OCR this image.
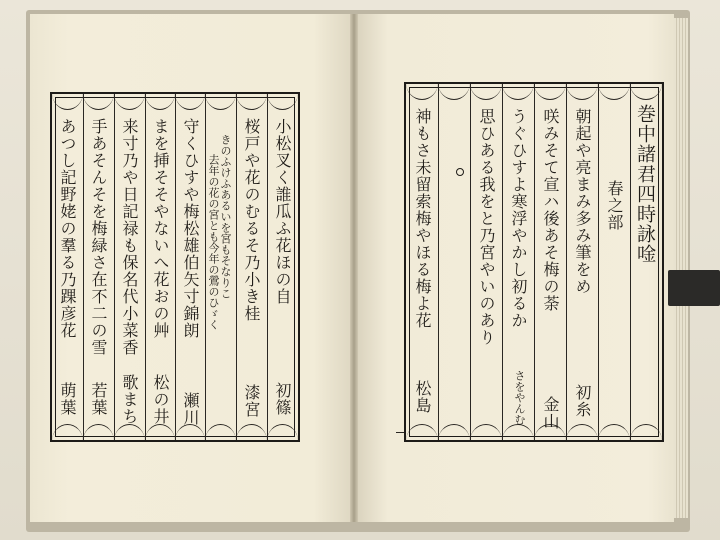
小松叉く誰瓜ふ花ほの自
初篠
桜戸や花のむるそ乃小き桂
漆宮
きのふけふあるいを宮もそなりこ
去年の花の宮とも今年の鶯のひゞく
守くひすや梅松雄伯矢寸錦朗
瀬川
まを挿そそやないへ花おの艸
松の井
来寸乃や日記禄も保名代小菜香
歌まち
手あそんそを梅緑さ在不二の雪
若葉
あつし記野姥の羣る乃踝彦花
萌葉
巻中諸君四時詠唫
春之部
朝起や亮まみ多み筆をめ
初糸
咲みそて宣ハ後あそ梅の荼
金山
うぐひすよ寒浮やかし初るか
さをやんむ
思ひある我をと乃宮やいのあり
神もさ未留索梅やほる梅よ花
松島
